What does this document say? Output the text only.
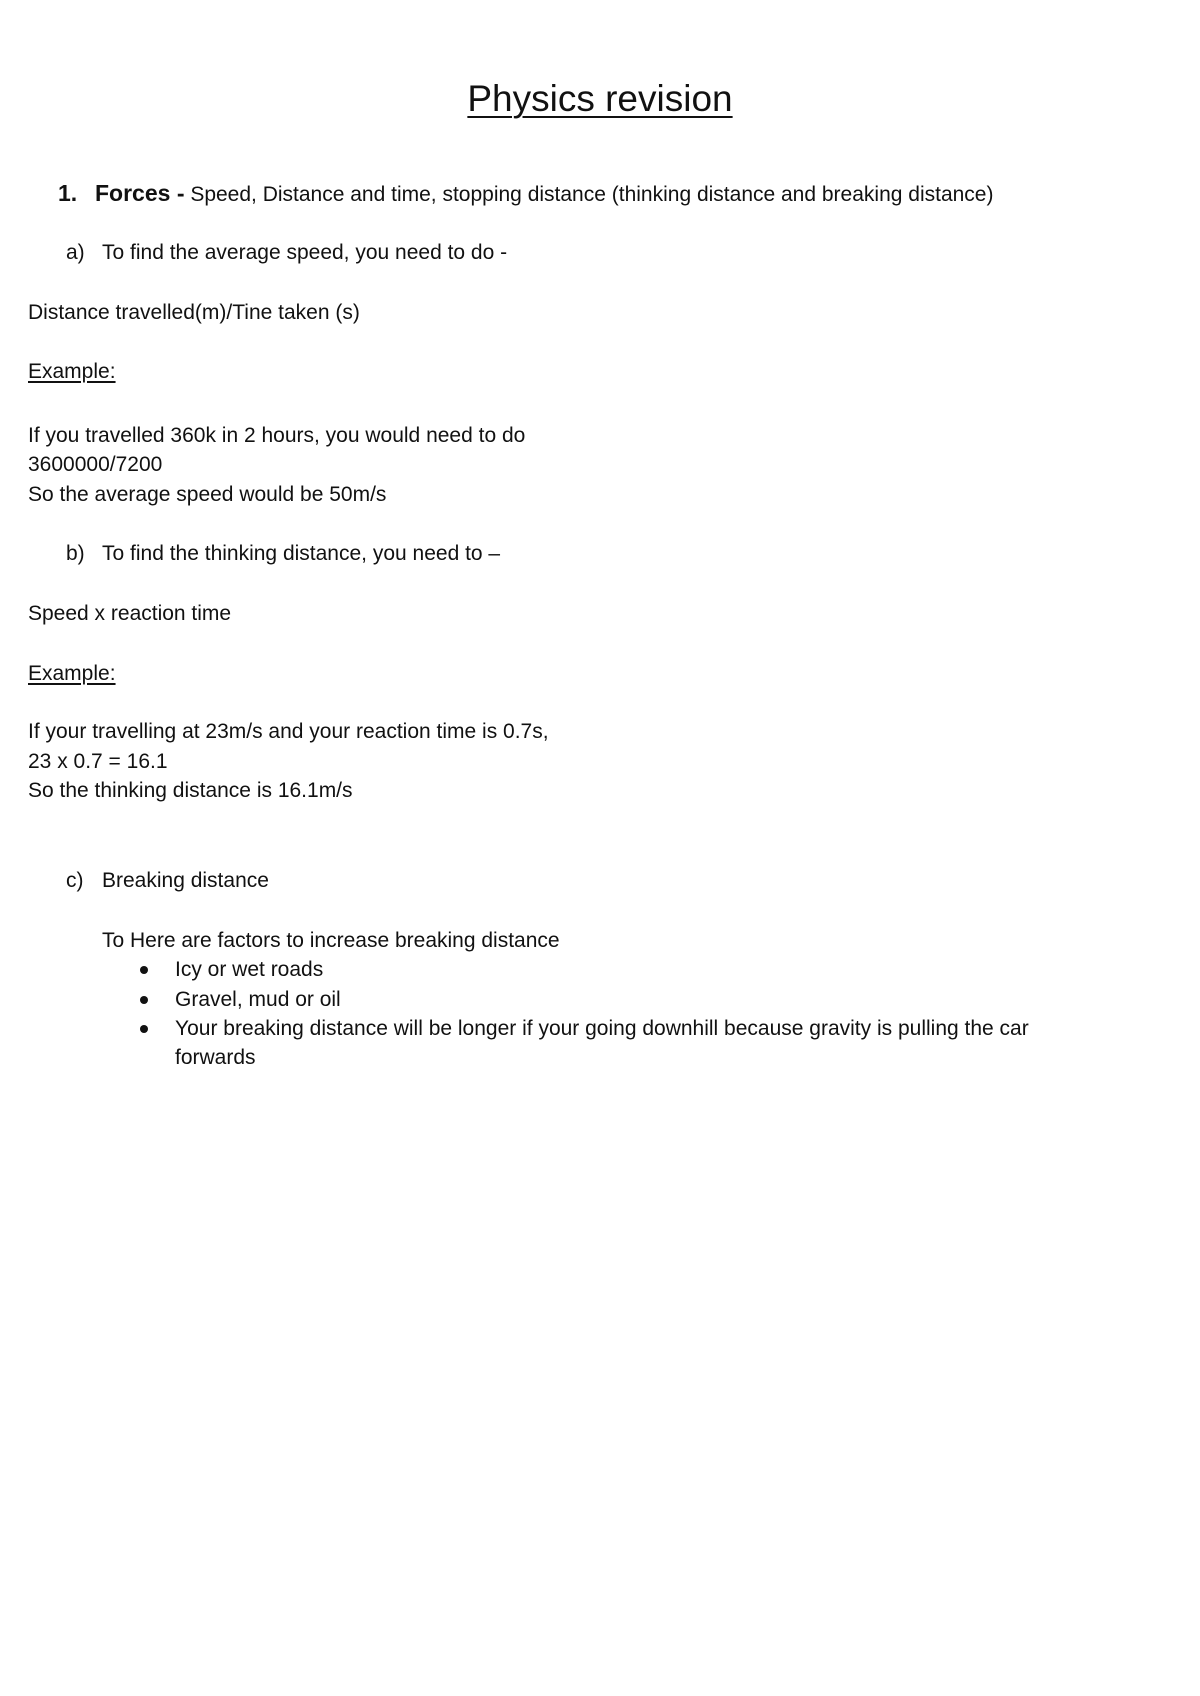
Physics revision
1. Forces - Speed, Distance and time, stopping distance (thinking distance and breaking distance)
a) To find the average speed, you need to do -
Distance travelled(m)/Tine taken (s)
Example:
If you travelled 360k in 2 hours, you would need to do
3600000/7200
So the average speed would be 50m/s
b) To find the thinking distance, you need to –
Speed x reaction time
Example:
If your travelling at 23m/s and your reaction time is 0.7s,
23 x 0.7 = 16.1
So the thinking distance is 16.1m/s
c) Breaking distance
To Here are factors to increase breaking distance
Icy or wet roads
Gravel, mud or oil
Your breaking distance will be longer if your going downhill because gravity is pulling the car
forwards
